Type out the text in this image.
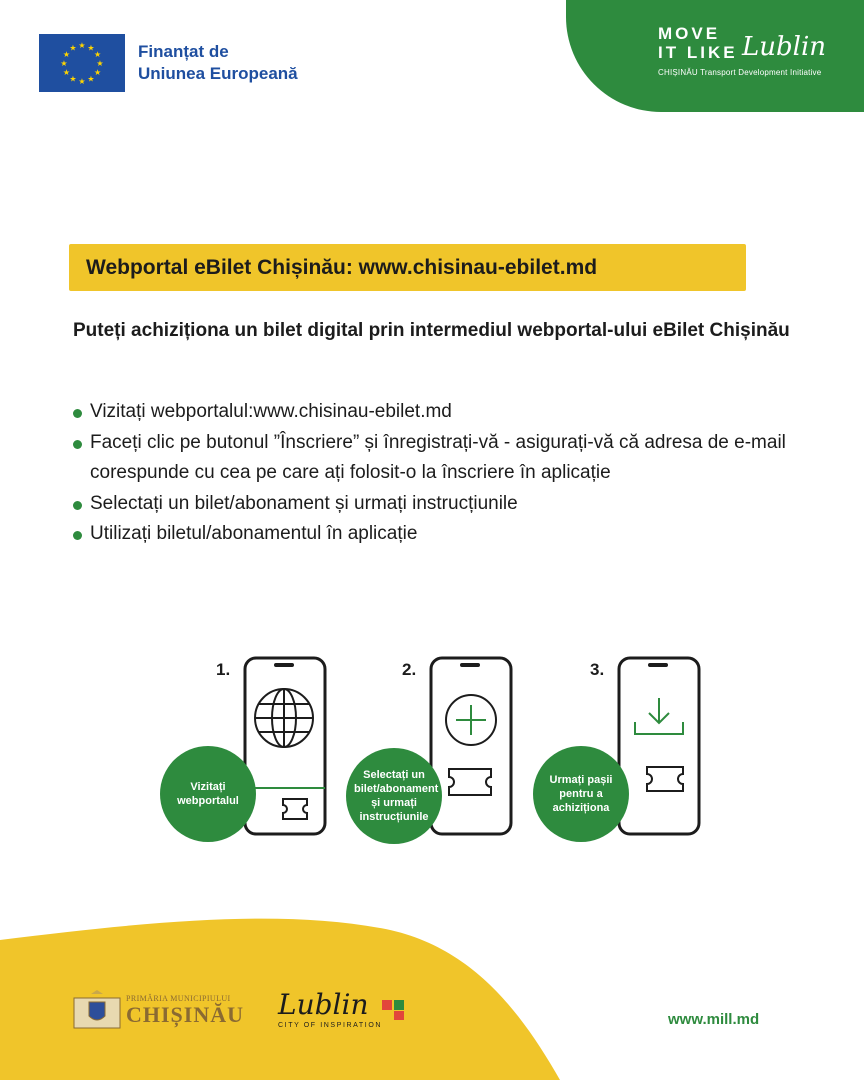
★ ★
★
★
★
★
★
★
★
★
★
★	Finanțat de
Uniunea Europeană
MOVE
IT LIKE Lublin
CHIȘINĂU Transport Development Initiative
Webportal eBilet Chișinău: www.chisinau-ebilet.md
Puteți achiziționa un bilet digital prin intermediul webportal-ului eBilet Chișinău
Vizitați webportalul:www.chisinau-ebilet.md
Faceți clic pe butonul ”Înscriere” și înregistrați-vă - asigurați-vă că adresa de e-mail corespunde cu cea pe care ați folosit-o la înscriere în aplicație
Selectați un bilet/abonament și urmați instrucțiunile
Utilizați biletul/abonamentul în aplicație
1.
Vizitați webportalul
2.
Selectați un bilet/abonament și urmați instrucțiunile
3.
Urmați pașii pentru a achiziționa
PRIMĂRIA MUNICIPIULUI
CHIȘINĂU Lublin
CITY OF INSPIRATION	www.mill.md
